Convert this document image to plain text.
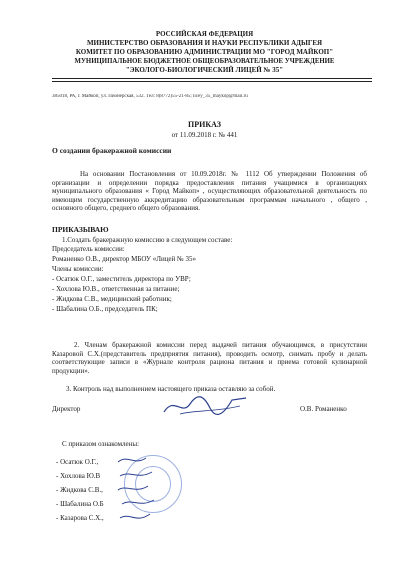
РОССИЙСКАЯ ФЕДЕРАЦИЯ
МИНИСТЕРСТВО ОБРАЗОВАНИЯ И НАУКИ РЕСПУБЛИКИ АДЫГЕЯ
КОМИТЕТ ПО ОБРАЗОВАНИЮ АДМИНИСТРАЦИИ МО "ГОРОД МАЙКОП"
МУНИЦИПАЛЬНОЕ БЮДЖЕТНОЕ ОБЩЕОБРАЗОВАТЕЛЬНОЕ УЧРЕЖДЕНИЕ
"ЭКОЛОГО-БИОЛОГИЧЕСКИЙ ЛИЦЕЙ № 35"
385018, РА, г. Майкоп, ул. Пионерская, 532. Тел: 8(8772)55-21-85; licey_35_maykop@mail.ru
ПРИКАЗ
от 11.09.2018 г. № 441
О создании бракеражной комиссии
На основании Постановления от 10.09.2018г. № 1112 Об утверждении Положения об организации и определении порядка предоставления питания учащимися в организациях муниципального образования « Город Майкоп» , осуществляющих образовательной деятельность по имеющим государственную аккредитацию образовательным программам начального , общего , основного общего, среднего общего образования.
ПРИКАЗЫВАЮ
1.Создать бракеражную комиссию в следующем составе:
Председатель комиссии:
Романенко О.В., директор МБОУ «Лицей № 35»
Члены комиссии:
- Осатюк О.Г., заместитель директора по УВР;
- Хохлова Ю.В., ответственная за питание;
- Жидкова С.В., медицинский работник;
- Шабалина О.Б., председатель ПК;
2. Членам бракеражной комиссии перед выдачей питания обучающимся, в присутствии Казаровой С.Х.(представитель предприятия питания), проводить осмотр, снимать пробу и делать соответствующие записи в «Журнале контроля рациона питания и приема готовой кулинарной продукции».
3. Контроль над выполнением настоящего приказа оставляю за собой.
Директор	О.В. Романенко
С приказом ознакомлены:
- Осатюк О.Г.,
- Хохлова Ю.В
- Жидкова С.В.,
- Шабалина О.Б
- Казарова С.Х.,
